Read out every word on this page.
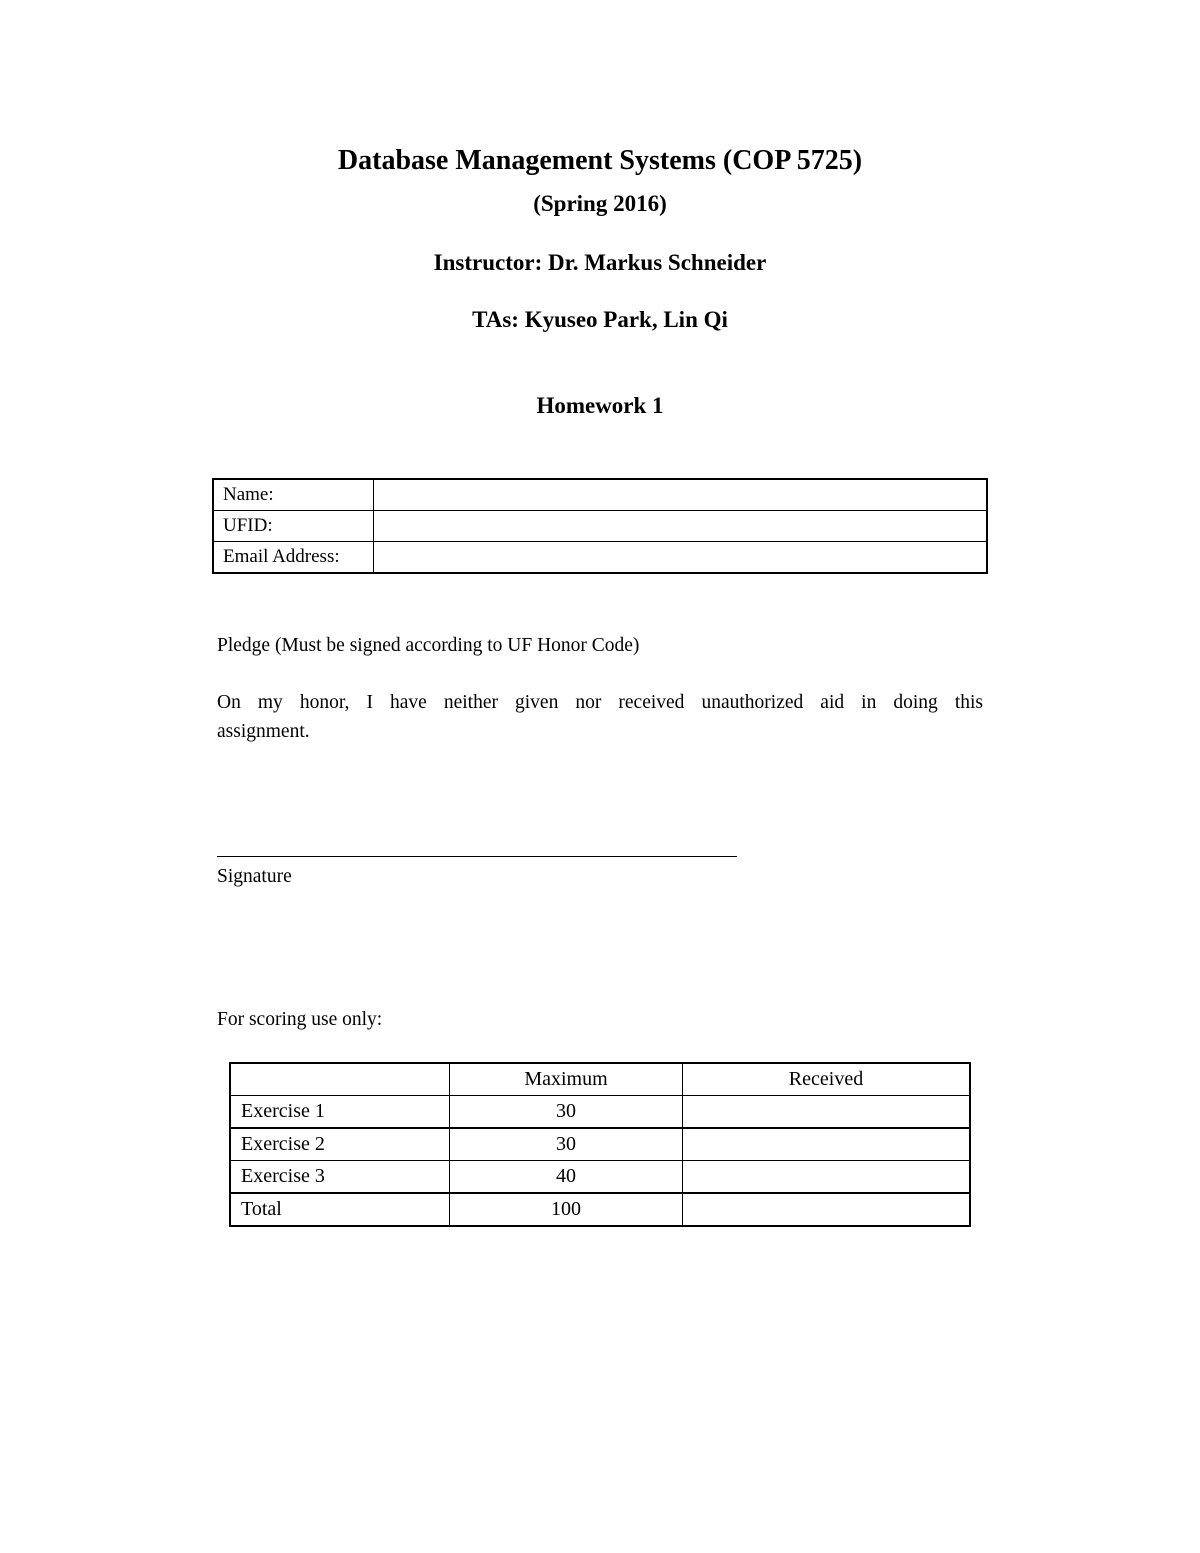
Database Management Systems (COP 5725)
(Spring 2016)
Instructor: Dr. Markus Schneider
TAs: Kyuseo Park, Lin Qi
Homework 1
Name:	
UFID:	
Email Address:	
Pledge (Must be signed according to UF Honor Code)
On my honor, I have neither given nor received unauthorized aid in doing this assignment.
Signature
For scoring use only:
	Maximum	Received
Exercise 1	30	
Exercise 2	30	
Exercise 3	40	
Total	100	
